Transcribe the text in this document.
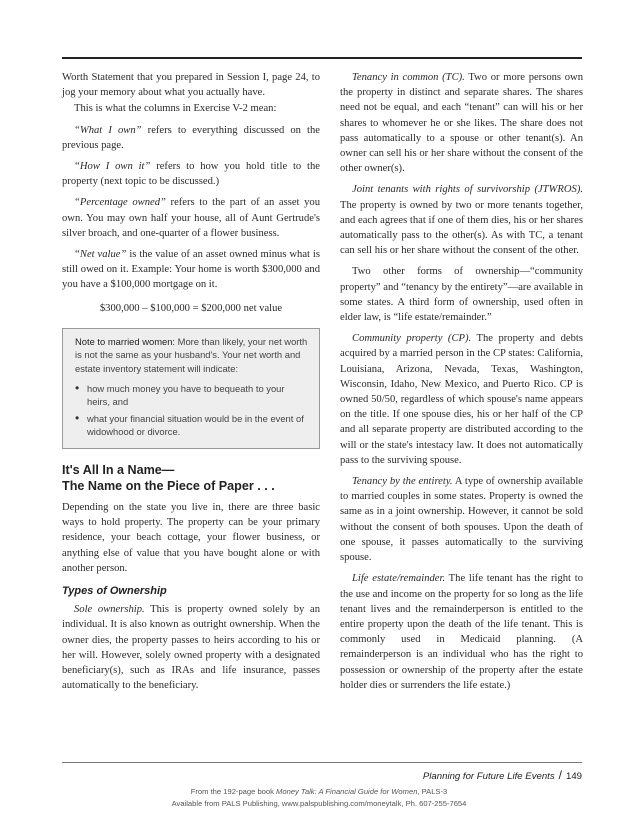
Worth Statement that you prepared in Session I, page 24, to jog your memory about what you actually have.

This is what the columns in Exercise V-2 mean:

“What I own” refers to everything discussed on the previous page.

“How I own it” refers to how you hold title to the property (next topic to be discussed.)

“Percentage owned” refers to the part of an asset you own. You may own half your house, all of Aunt Gertrude's silver broach, and one-quarter of a flower business.

“Net value” is the value of an asset owned minus what is still owed on it. Example: Your home is worth $300,000 and you have a $100,000 mortgage on it.

$300,000 – $100,000 = $200,000 net value

Note to married women: More than likely, your net worth is not the same as your husband's. Your net worth and estate inventory statement will indicate:

• how much money you have to bequeath to your heirs, and
• what your financial situation would be in the event of widowhood or divorce.
It's All In a Name—
The Name on the Piece of Paper . . .

Depending on the state you live in, there are three basic ways to hold property. The property can be your primary residence, your beach cottage, your flower business, or anything else of value that you have bought alone or with another person.

Types of Ownership

Sole ownership. This is property owned solely by an individual. It is also known as outright ownership. When the owner dies, the property passes to heirs according to his or her will. However, solely owned property with a designated beneficiary(s), such as IRAs and life insurance, passes automatically to the beneficiary.

Tenancy in common (TC). Two or more persons own the property in distinct and separate shares. The shares need not be equal, and each “tenant” can will his or her shares to whomever he or she likes. The share does not pass automatically to a spouse or other tenant(s). An owner can sell his or her share without the consent of the other owner(s).

Joint tenants with rights of survivorship (JTWROS). The property is owned by two or more tenants together, and each agrees that if one of them dies, his or her shares automatically pass to the other(s). As with TC, a tenant can sell his or her share without the consent of the other.

Two other forms of ownership—“community property” and “tenancy by the entirety”—are available in some states. A third form of ownership, used often in elder law, is “life estate/remainder.”

Community property (CP). The property and debts acquired by a married person in the CP states: California, Louisiana, Arizona, Nevada, Texas, Washington, Wisconsin, Idaho, New Mexico, and Puerto Rico. CP is owned 50/50, regardless of which spouse's name appears on the title. If one spouse dies, his or her half of the CP and all separate property are distributed according to the will or the state's intestacy law. It does not automatically pass to the surviving spouse.

Tenancy by the entirety. A type of ownership available to married couples in some states. Property is owned the same as in a joint ownership. However, it cannot be sold without the consent of both spouses. Upon the death of one spouse, it passes automatically to the surviving spouse.

Life estate/remainder. The life tenant has the right to the use and income on the property for so long as the life tenant lives and the remainderperson is entitled to the entire property upon the death of the life tenant. This is commonly used in Medicaid planning. (A remainderperson is an individual who has the right to possession or ownership of the property after the estate holder dies or surrenders the life estate.)

Planning for Future Life Events / 149
From the 192-page book Money Talk: A Financial Guide for Women, PALS-3
Available from PALS Publishing, www.palspublishing.com/moneytalk, Ph. 607-255-7654
